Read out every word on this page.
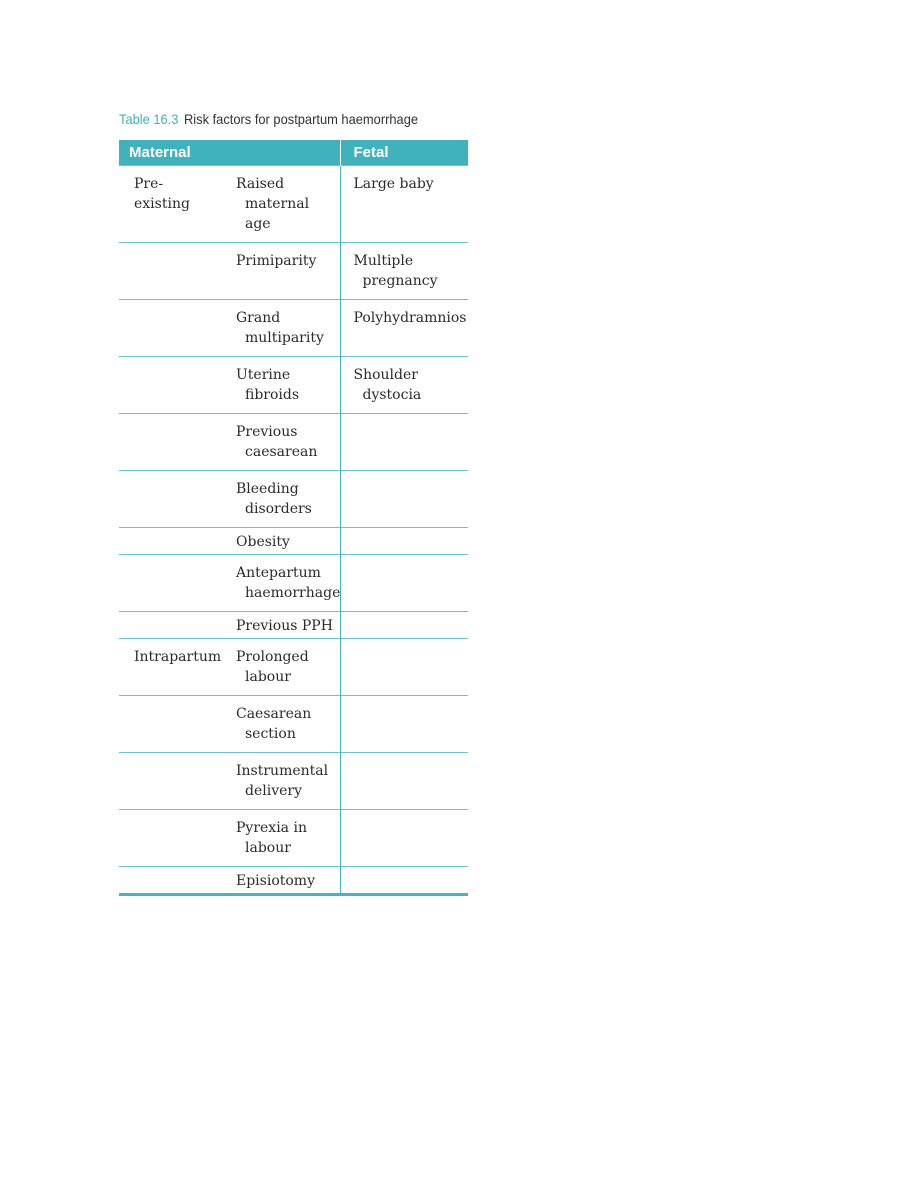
Table 16.3 Risk factors for postpartum haemorrhage
Maternal		Fetal
Pre-existing	Raised maternal age	Large baby

	Primiparity	Multiple pregnancy

	Grand multiparity	Polyhydramnios

	Uterine fibroids	Shoulder dystocia

	Previous caesarean	

	Bleeding disorders	

	Obesity	

	Antepartum haemorrhage	

	Previous PPH	

Intrapartum	Prolonged labour	

	Caesarean section	

	Instrumental delivery	

	Pyrexia in labour	

	Episiotomy	
